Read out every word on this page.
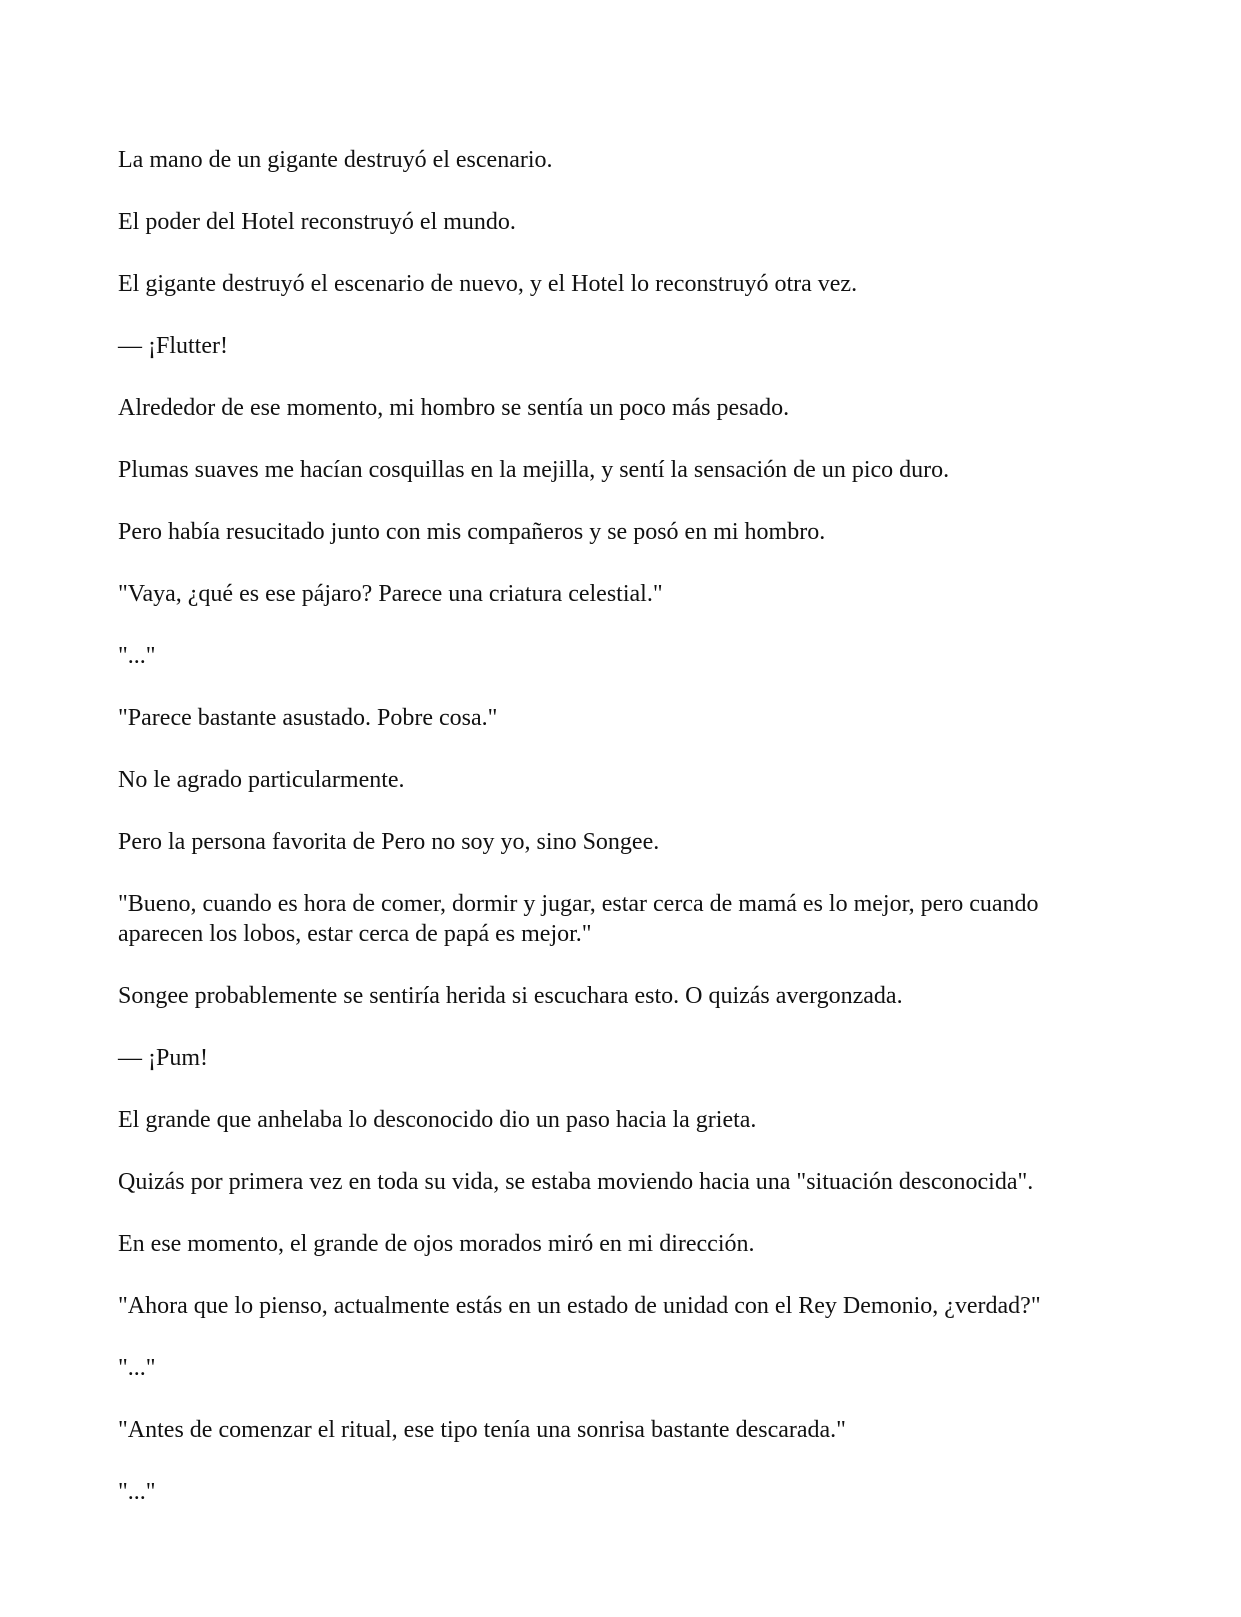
La mano de un gigante destruyó el escenario.

El poder del Hotel reconstruyó el mundo.

El gigante destruyó el escenario de nuevo, y el Hotel lo reconstruyó otra vez.

— ¡Flutter!

Alrededor de ese momento, mi hombro se sentía un poco más pesado.

Plumas suaves me hacían cosquillas en la mejilla, y sentí la sensación de un pico duro.

Pero había resucitado junto con mis compañeros y se posó en mi hombro.

"Vaya, ¿qué es ese pájaro? Parece una criatura celestial."

"..."

"Parece bastante asustado. Pobre cosa."

No le agrado particularmente.

Pero la persona favorita de Pero no soy yo, sino Songee.

"Bueno, cuando es hora de comer, dormir y jugar, estar cerca de mamá es lo mejor, pero cuando aparecen los lobos, estar cerca de papá es mejor."

Songee probablemente se sentiría herida si escuchara esto. O quizás avergonzada.

— ¡Pum!

El grande que anhelaba lo desconocido dio un paso hacia la grieta.

Quizás por primera vez en toda su vida, se estaba moviendo hacia una "situación desconocida".

En ese momento, el grande de ojos morados miró en mi dirección.

"Ahora que lo pienso, actualmente estás en un estado de unidad con el Rey Demonio, ¿verdad?"

"..."

"Antes de comenzar el ritual, ese tipo tenía una sonrisa bastante descarada."

"..."
